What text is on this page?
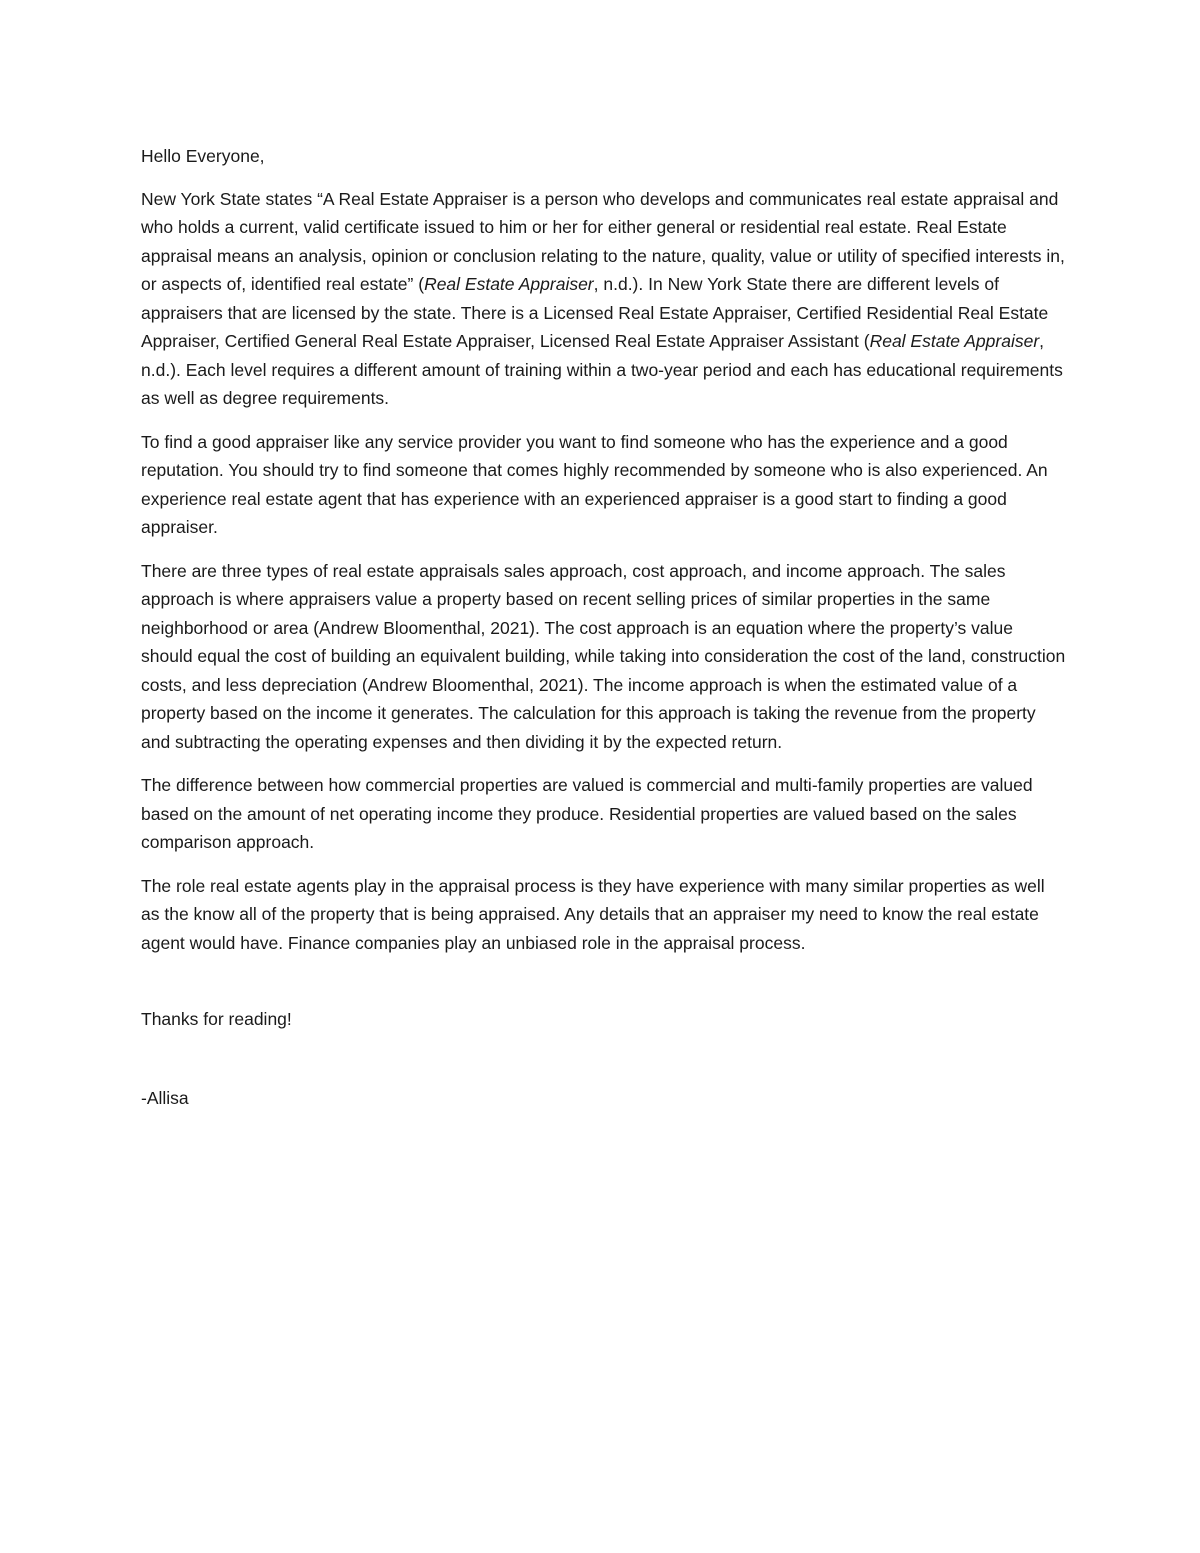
Hello Everyone,

New York State states “A Real Estate Appraiser is a person who develops and communicates real estate appraisal and who holds a current, valid certificate issued to him or her for either general or residential real estate. Real Estate appraisal means an analysis, opinion or conclusion relating to the nature, quality, value or utility of specified interests in, or aspects of, identified real estate” (Real Estate Appraiser, n.d.). In New York State there are different levels of appraisers that are licensed by the state. There is a Licensed Real Estate Appraiser, Certified Residential Real Estate Appraiser, Certified General Real Estate Appraiser, Licensed Real Estate Appraiser Assistant (Real Estate Appraiser, n.d.). Each level requires a different amount of training within a two-year period and each has educational requirements as well as degree requirements.

To find a good appraiser like any service provider you want to find someone who has the experience and a good reputation. You should try to find someone that comes highly recommended by someone who is also experienced. An experience real estate agent that has experience with an experienced appraiser is a good start to finding a good appraiser.

There are three types of real estate appraisals sales approach, cost approach, and income approach. The sales approach is where appraisers value a property based on recent selling prices of similar properties in the same neighborhood or area (Andrew Bloomenthal, 2021). The cost approach is an equation where the property’s value should equal the cost of building an equivalent building, while taking into consideration the cost of the land, construction costs, and less depreciation (Andrew Bloomenthal, 2021). The income approach is when the estimated value of a property based on the income it generates. The calculation for this approach is taking the revenue from the property and subtracting the operating expenses and then dividing it by the expected return.

The difference between how commercial properties are valued is commercial and multi-family properties are valued based on the amount of net operating income they produce. Residential properties are valued based on the sales comparison approach.

The role real estate agents play in the appraisal process is they have experience with many similar properties as well as the know all of the property that is being appraised. Any details that an appraiser my need to know the real estate agent would have. Finance companies play an unbiased role in the appraisal process.

Thanks for reading!

-Allisa
